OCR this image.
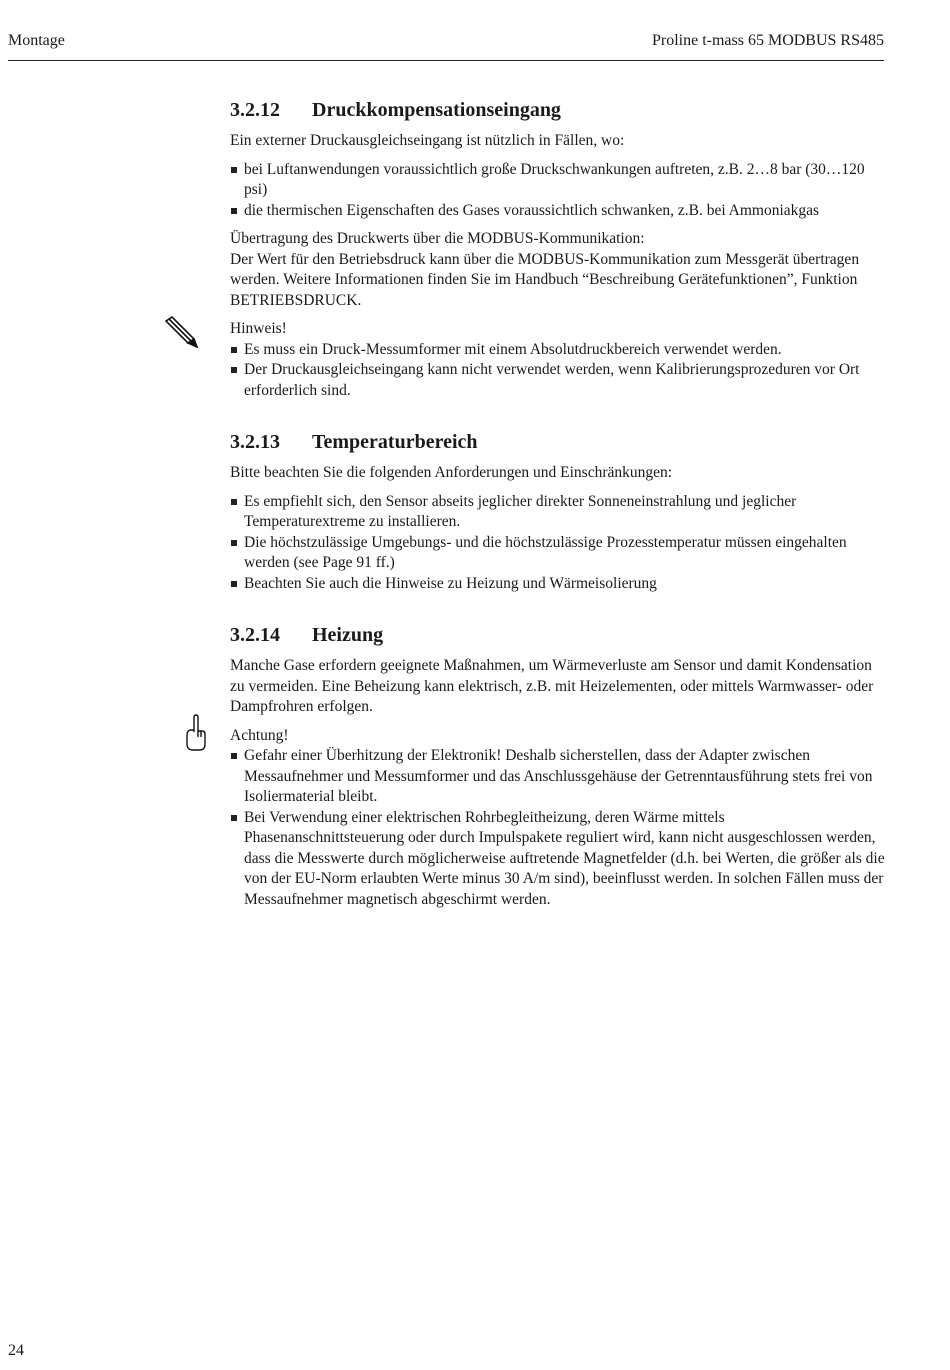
Montage	Proline t-mass 65 MODBUS RS485
3.2.12 Druckkompensationseingang

Ein externer Druckausgleichseingang ist nützlich in Fällen, wo:

bei Luftanwendungen voraussichtlich große Druckschwankungen auftreten, z.B. 2…8 bar (30…120 psi)
die thermischen Eigenschaften des Gases voraussichtlich schwanken, z.B. bei Ammoniakgas

Übertragung des Druckwerts über die MODBUS-Kommunikation:

Der Wert für den Betriebsdruck kann über die MODBUS-Kommunikation zum Messgerät übertragen werden. Weitere Informationen finden Sie im Handbuch “Beschreibung Gerätefunktionen”, Funktion BETRIEBSDRUCK.

Hinweis!

Es muss ein Druck-Messumformer mit einem Absolutdruckbereich verwendet werden.
Der Druckausgleichseingang kann nicht verwendet werden, wenn Kalibrierungsprozeduren vor Ort erforderlich sind.
3.2.13 Temperaturbereich

Bitte beachten Sie die folgenden Anforderungen und Einschränkungen:

Es empfiehlt sich, den Sensor abseits jeglicher direkter Sonneneinstrahlung und jeglicher Temperaturextreme zu installieren.
Die höchstzulässige Umgebungs- und die höchstzulässige Prozesstemperatur müssen eingehalten werden (see Page 91 ff.)
Beachten Sie auch die Hinweise zu Heizung und Wärmeisolierung
3.2.14 Heizung

Manche Gase erfordern geeignete Maßnahmen, um Wärmeverluste am Sensor und damit Kondensation zu vermeiden. Eine Beheizung kann elektrisch, z.B. mit Heizelementen, oder mittels Warmwasser- oder Dampfrohren erfolgen.

Achtung!

Gefahr einer Überhitzung der Elektronik! Deshalb sicherstellen, dass der Adapter zwischen Messaufnehmer und Messumformer und das Anschlussgehäuse der Getrenntausführung stets frei von Isoliermaterial bleibt.
Bei Verwendung einer elektrischen Rohrbegleitheizung, deren Wärme mittels Phasenanschnittsteuerung oder durch Impulspakete reguliert wird, kann nicht ausgeschlossen werden, dass die Messwerte durch möglicherweise auftretende Magnetfelder (d.h. bei Werten, die größer als die von der EU-Norm erlaubten Werte minus 30 A/m sind), beeinflusst werden. In solchen Fällen muss der Messaufnehmer magnetisch abgeschirmt werden.
24
